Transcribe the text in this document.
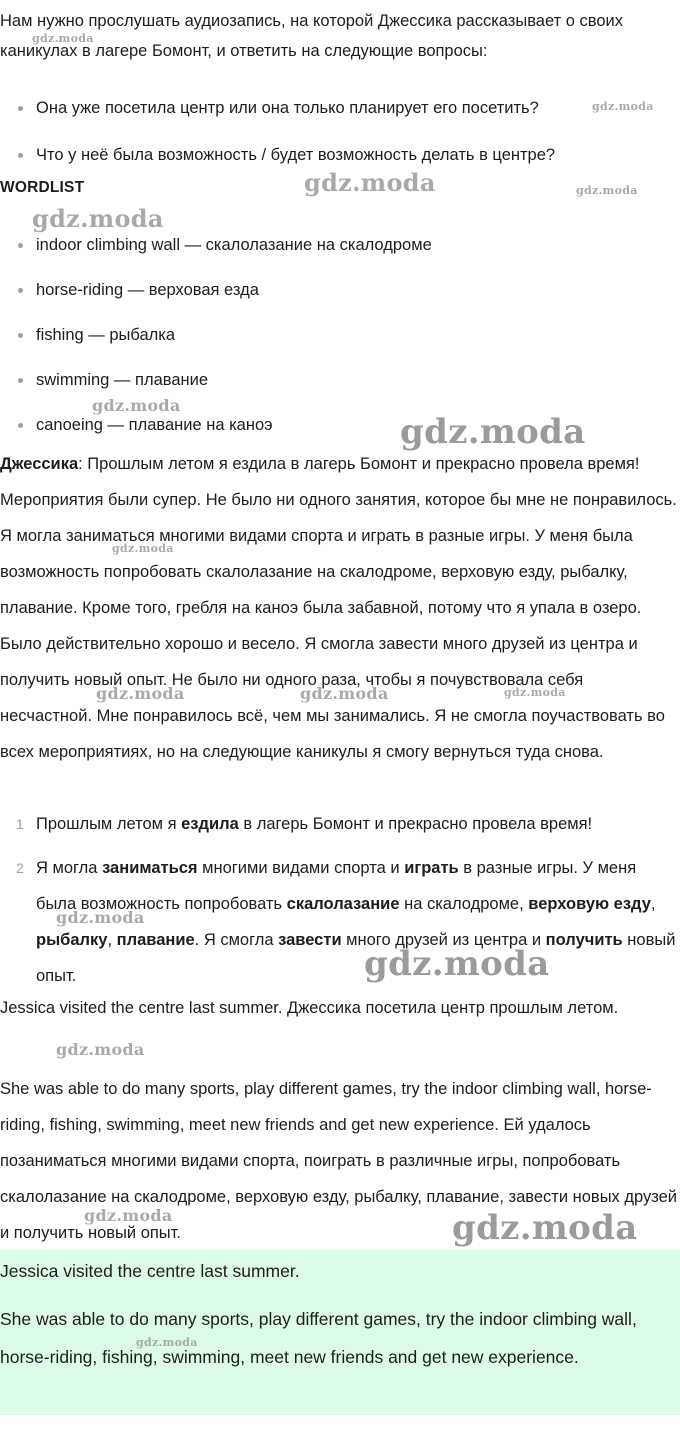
Нам нужно прослушать аудиозапись, на которой Джессика рассказывает о своих каникулах в лагере Бомонт, и ответить на следующие вопросы:

Она уже посетила центр или она только планирует его посетить?
Что у неё была возможность / будет возможность делать в центре?
WORDLIST
indoor climbing wall — скалолазание на скалодроме
horse-riding — верховая езда
fishing — рыбалка
swimming — плавание
canoeing — плавание на каноэ

Джессика: Прошлым летом я ездила в лагерь Бомонт и прекрасно провела время! Мероприятия были супер. Не было ни одного занятия, которое бы мне не понравилось. Я могла заниматься многими видами спорта и играть в разные игры. У меня была возможность попробовать скалолазание на скалодроме, верховую езду, рыбалку, плавание. Кроме того, гребля на каноэ была забавной, потому что я упала в озеро. Было действительно хорошо и весело. Я смогла завести много друзей из центра и получить новый опыт. Не было ни одного раза, чтобы я почувствовала себя несчастной. Мне понравилось всё, чем мы занимались. Я не смогла поучаствовать во всех мероприятиях, но на следующие каникулы я смогу вернуться туда снова.

1 Прошлым летом я ездила в лагерь Бомонт и прекрасно провела время!
2 Я могла заниматься многими видами спорта и играть в разные игры. У меня была возможность попробовать скалолазание на скалодроме, верховую езду, рыбалку, плавание. Я смогла завести много друзей из центра и получить новый опыт.

Jessica visited the centre last summer. Джессика посетила центр прошлым летом.

She was able to do many sports, play different games, try the indoor climbing wall, horse-riding, fishing, swimming, meet new friends and get new experience. Ей удалось позаниматься многими видами спорта, поиграть в различные игры, попробовать скалолазание на скалодроме, верховую езду, рыбалку, плавание, завести новых друзей и получить новый опыт.

Jessica visited the centre last summer.

She was able to do many sports, play different games, try the indoor climbing wall, horse-riding, fishing, swimming, meet new friends and get new experience.

gdz.moda
gdz.moda
gdz.moda	gdz.moda
gdz.moda
gdz.moda
gdz.moda
gdz.moda
gdz.moda	gdz.moda	gdz.moda
gdz.moda
gdz.moda
gdz.moda
gdz.moda	gdz.moda
gdz.moda
